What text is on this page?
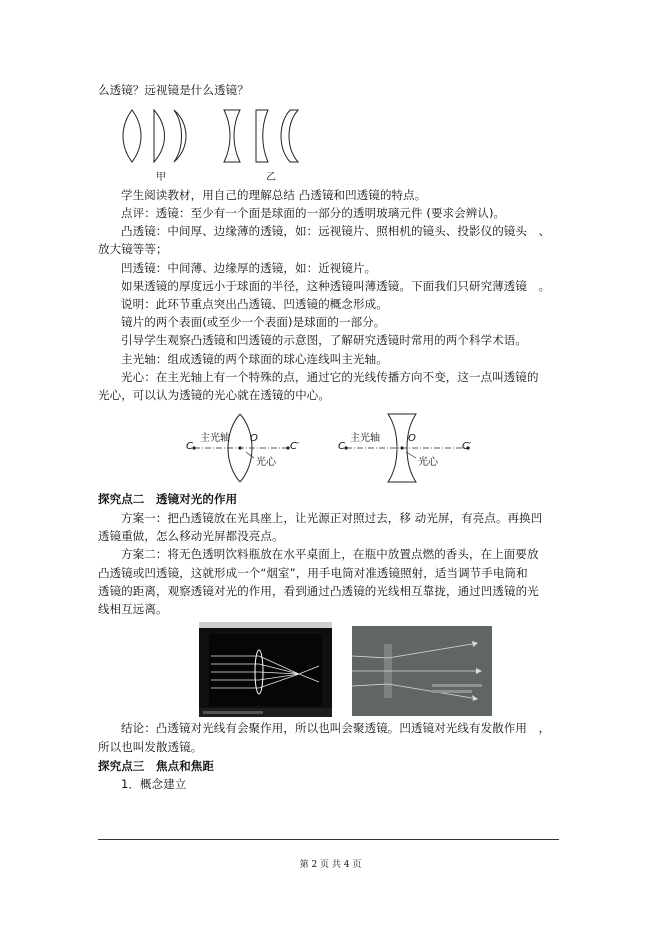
么透镜？远视镜是什么透镜？
甲	乙
学生阅读教材，用自己的理解总结 凸透镜和凹透镜的特点。
点评：透镜：至少有一个面是球面的一部分的透明玻璃元件 (要求会辨认)。
凸透镜：中间厚、边缘薄的透镜，如：远视镜片、照相机的镜头、投影仪的镜头　、
放大镜等等；
凹透镜：中间薄、边缘厚的透镜，如：近视镜片。
如果透镜的厚度远小于球面的半径，这种透镜叫薄透镜。下面我们只研究薄透镜　。
说明：此环节重点突出凸透镜、凹透镜的概念形成。
镜片的两个表面(或至少一个表面)是球面的一部分。
引导学生观察凸透镜和凹透镜的示意图，了解研究透镜时常用的两个科学术语。
主光轴：组成透镜的两个球面的球心连线叫主光轴。
光心：在主光轴上有一个特殊的点，通过它的光线传播方向不变，这一点叫透镜的
光心，可以认为透镜的光心就在透镜的中心。
C
主光轴 O
C′
光心
C
主光轴	O
C′
光心
探究点二　透镜对光的作用
方案一：把凸透镜放在光具座上，让光源正对照过去，移 动光屏，有亮点。再换凹
透镜重做，怎么移动光屏都没亮点。
方案二：将无色透明饮料瓶放在水平桌面上，在瓶中放置点燃的香头，在上面要放
凸透镜或凹透镜，这就形成一个“烟室”，用手电筒对准透镜照射，适当调节手电筒和
透镜的距离，观察透镜对光的作用，看到通过凸透镜的光线相互靠拢，通过凹透镜的光
线相互远离。
结论：凸透镜对光线有会聚作用，所以也叫会聚透镜。凹透镜对光线有发散作用　，
所以也叫发散透镜。
探究点三　焦点和焦距
1．概念建立
第 2 页 共 4 页
